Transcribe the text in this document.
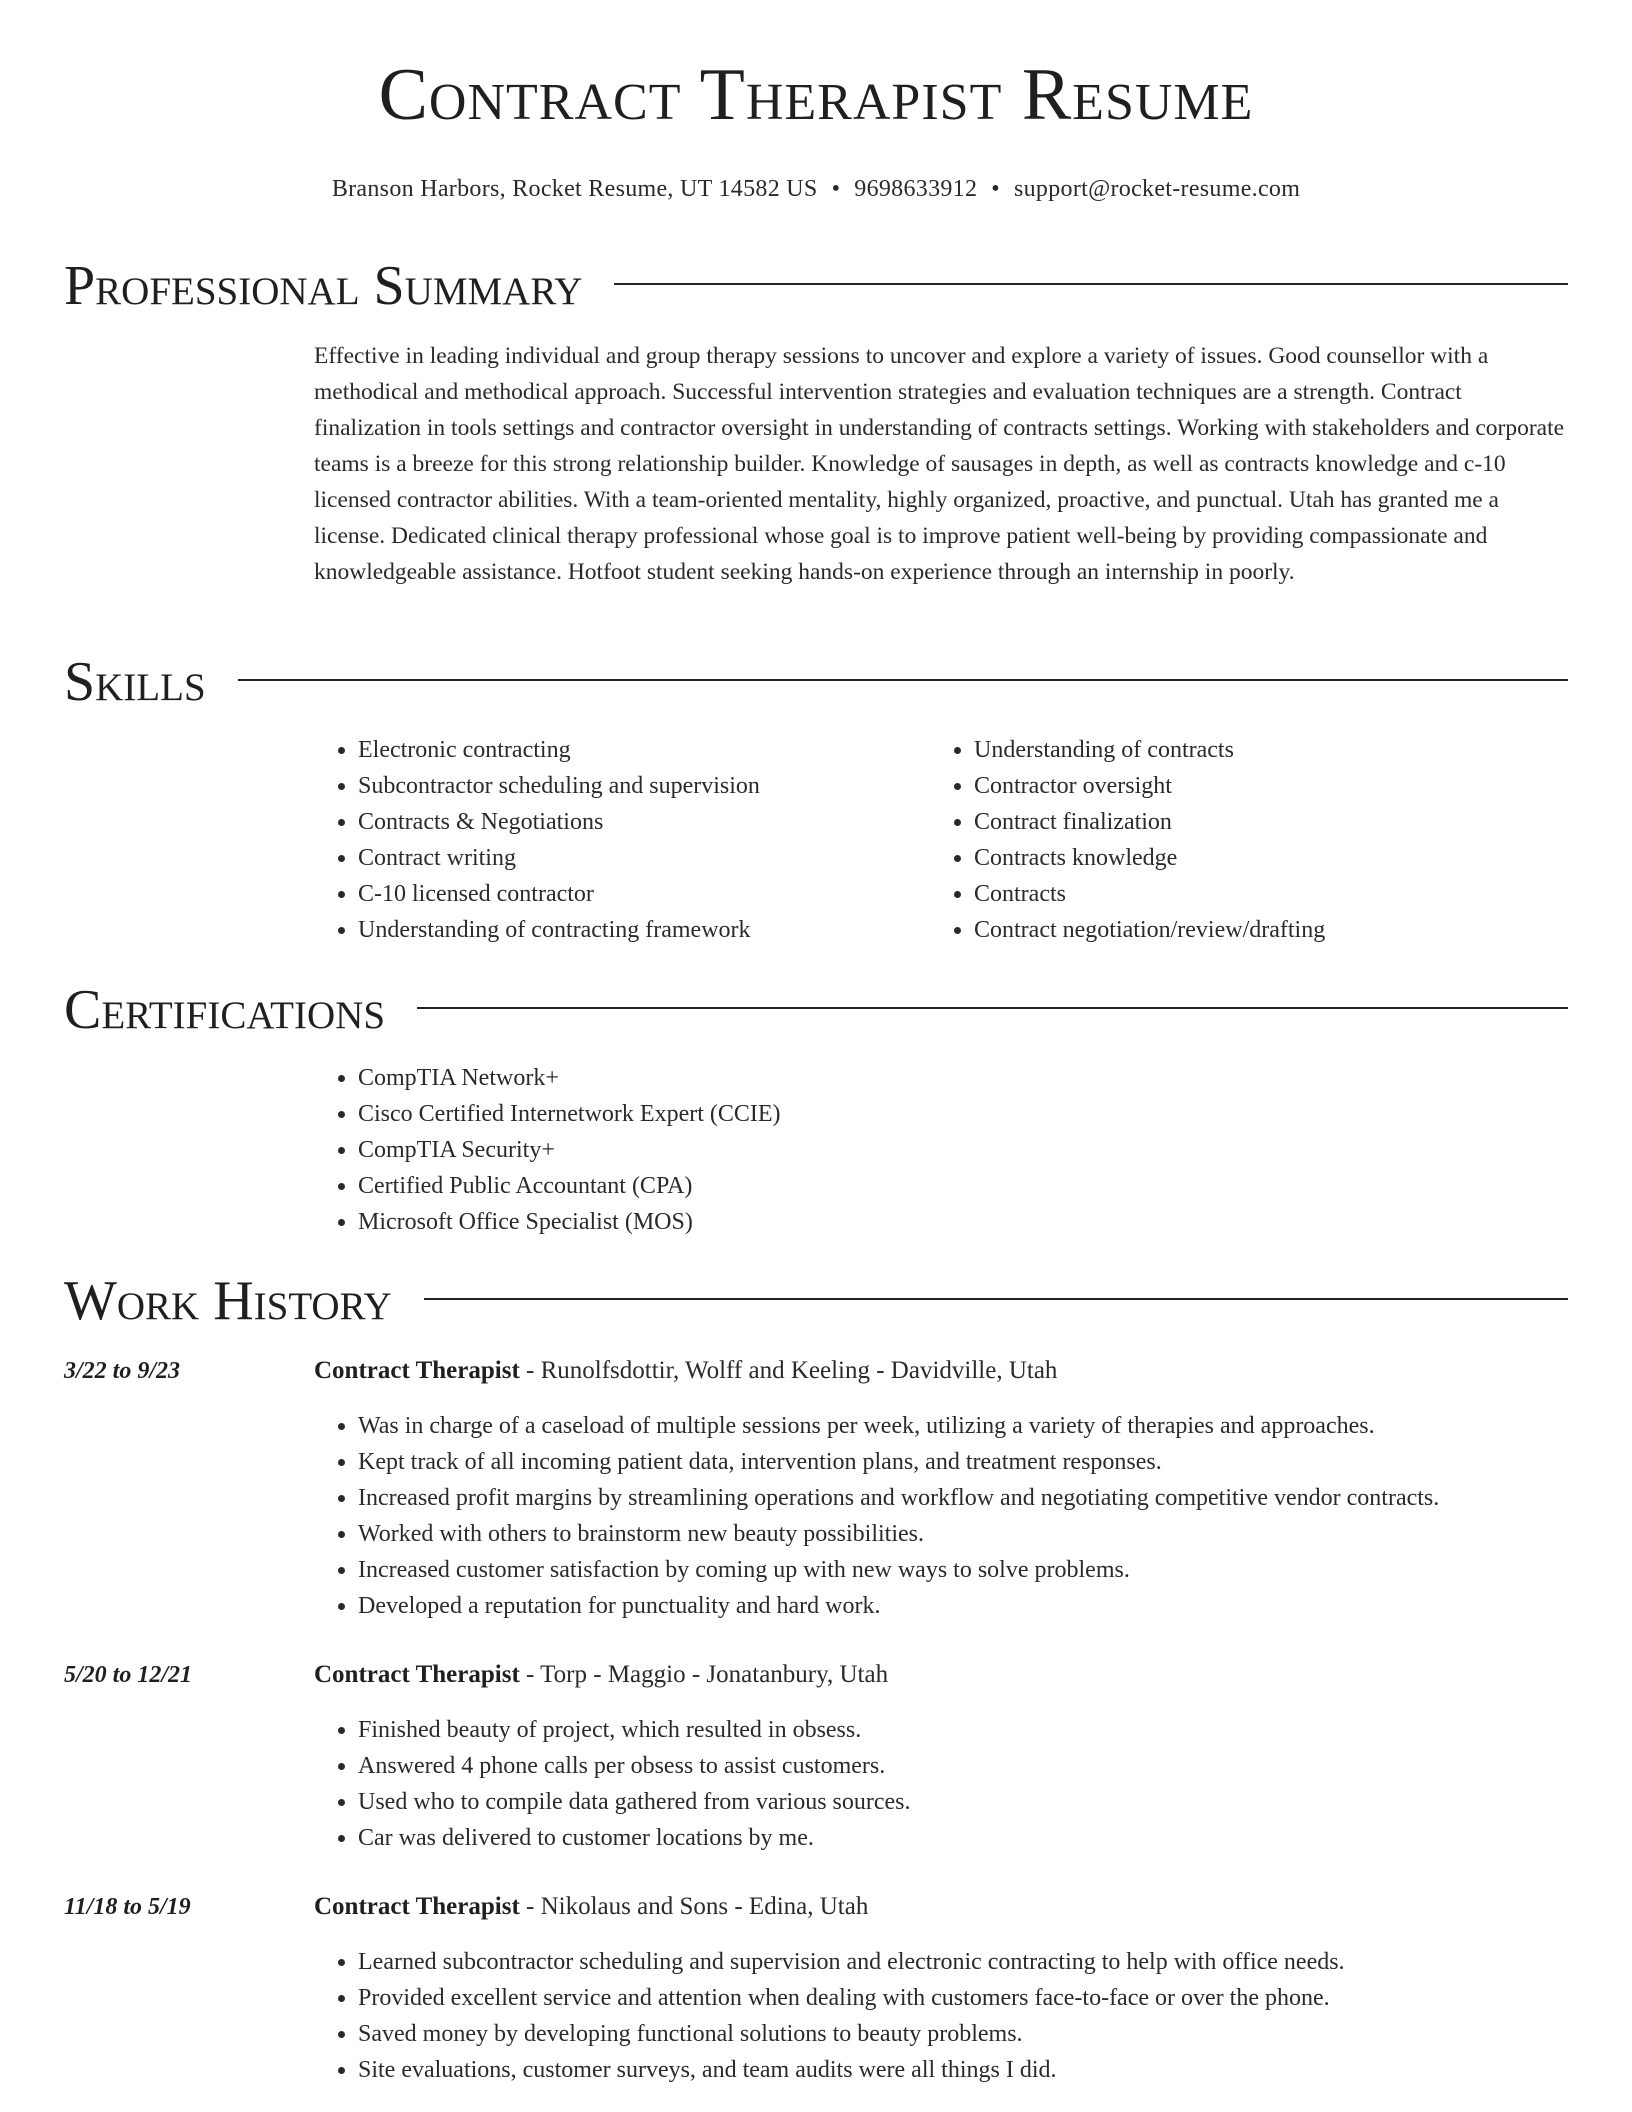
Contract Therapist Resume
Branson Harbors, Rocket Resume, UT 14582 US • 9698633912 • support@rocket-resume.com
Professional Summary

Effective in leading individual and group therapy sessions to uncover and explore a variety of issues. Good counsellor with a methodical and methodical approach. Successful intervention strategies and evaluation techniques are a strength. Contract finalization in tools settings and contractor oversight in understanding of contracts settings. Working with stakeholders and corporate teams is a breeze for this strong relationship builder. Knowledge of sausages in depth, as well as contracts knowledge and c-10 licensed contractor abilities. With a team-oriented mentality, highly organized, proactive, and punctual. Utah has granted me a license. Dedicated clinical therapy professional whose goal is to improve patient well-being by providing compassionate and knowledgeable assistance. Hotfoot student seeking hands-on experience through an internship in poorly.

Skills
• Electronic contracting
• Subcontractor scheduling and supervision
• Contracts & Negotiations
• Contract writing
• C-10 licensed contractor
• Understanding of contracting framework
• Understanding of contracts
• Contractor oversight
• Contract finalization
• Contracts knowledge
• Contracts
• Contract negotiation/review/drafting
Certifications
• CompTIA Network+
• Cisco Certified Internetwork Expert (CCIE)
• CompTIA Security+
• Certified Public Accountant (CPA)
• Microsoft Office Specialist (MOS)
Work History
3/22 to 9/23	Contract Therapist - Runolfsdottir, Wolff and Keeling - Davidville, Utah
• Was in charge of a caseload of multiple sessions per week, utilizing a variety of therapies and approaches.
• Kept track of all incoming patient data, intervention plans, and treatment responses.
• Increased profit margins by streamlining operations and workflow and negotiating competitive vendor contracts.
• Worked with others to brainstorm new beauty possibilities.
• Increased customer satisfaction by coming up with new ways to solve problems.
• Developed a reputation for punctuality and hard work.
5/20 to 12/21	Contract Therapist - Torp - Maggio - Jonatanbury, Utah
• Finished beauty of project, which resulted in obsess.
• Answered 4 phone calls per obsess to assist customers.
• Used who to compile data gathered from various sources.
• Car was delivered to customer locations by me.
11/18 to 5/19	Contract Therapist - Nikolaus and Sons - Edina, Utah
• Learned subcontractor scheduling and supervision and electronic contracting to help with office needs.
• Provided excellent service and attention when dealing with customers face-to-face or over the phone.
• Saved money by developing functional solutions to beauty problems.
• Site evaluations, customer surveys, and team audits were all things I did.
